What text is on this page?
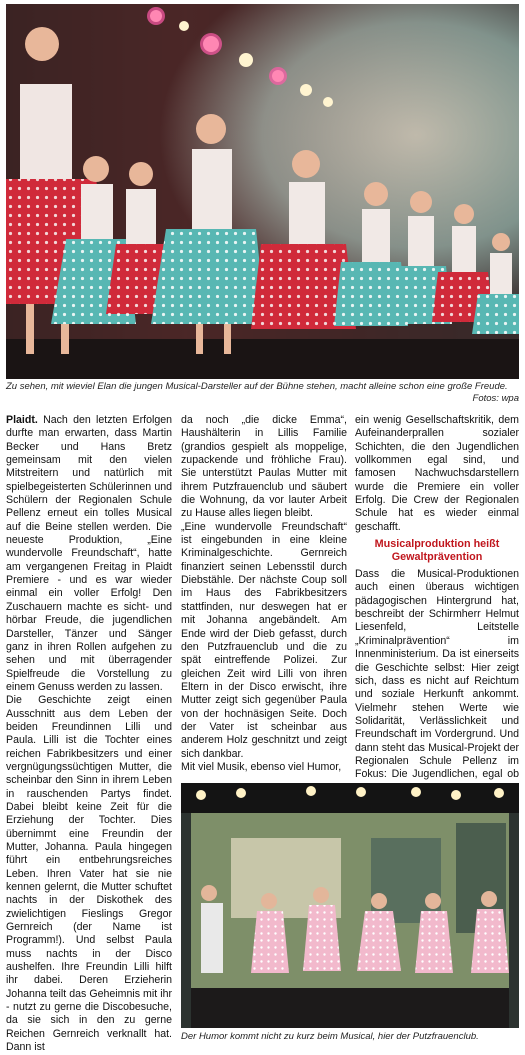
Zu sehen, mit wieviel Elan die jungen Musical-Darsteller auf der Bühne stehen, macht alleine schon eine große Freude.
Fotos: wpa

Plaidt. Nach den letzten Erfolgen durfte man erwarten, dass Martin Becker und Hans Bretz gemeinsam mit den vielen Mitstreitern und natürlich mit spielbegeisterten Schülerinnen und Schülern der Regionalen Schule Pellenz erneut ein tolles Musical auf die Beine stellen werden. Die neueste Produktion, „Eine wundervolle Freundschaft“, hatte am vergangenen Freitag in Plaidt Premiere - und es war wieder einmal ein voller Erfolg! Den Zuschauern machte es sicht- und hörbar Freude, die jugendlichen Darsteller, Tänzer und Sänger ganz in ihren Rollen aufgehen zu sehen und mit überragender Spielfreude die Vorstellung zu einem Genuss werden zu lassen.

Die Geschichte zeigt einen Ausschnitt aus dem Leben der beiden Freundinnen Lilli und Paula. Lilli ist die Tochter eines reichen Fabrikbesitzers und einer vergnügungssüchtigen Mutter, die scheinbar den Sinn in ihrem Leben in rauschenden Partys findet. Dabei bleibt keine Zeit für die Erziehung der Tochter. Dies übernimmt eine Freundin der Mutter, Johanna. Paula hingegen führt ein entbehrungsreiches Leben. Ihren Vater hat sie nie kennen gelernt, die Mutter schuftet nachts in der Diskothek des zwielichtigen Fieslings Gregor Gernreich (der Name ist Programm!). Und selbst Paula muss nachts in der Disco aushelfen. Ihre Freundin Lilli hilft ihr dabei. Deren Erzieherin Johanna teilt das Geheimnis mit ihr - nutzt zu gerne die Discobesuche, da sie sich in den zu gerne Reichen Gernreich verknallt hat. Dann ist

da noch „die dicke Emma“, Haushälterin in Lillis Familie (grandios gespielt als moppelige, zupackende und fröhliche Frau). Sie unterstützt Paulas Mutter mit ihrem Putzfrauenclub und säubert die Wohnung, da vor lauter Arbeit zu Hause alles liegen bleibt.

„Eine wundervolle Freundschaft“ ist eingebunden in eine kleine Kriminalgeschichte. Gernreich finanziert seinen Lebensstil durch Diebstähle. Der nächste Coup soll im Haus des Fabrikbesitzers stattfinden, nur deswegen hat er mit Johanna angebändelt. Am Ende wird der Dieb gefasst, durch den Putzfrauenclub und die zu spät eintreffende Polizei. Zur gleichen Zeit wird Lilli von ihren Eltern in der Disco erwischt, ihre Mutter zeigt sich gegenüber Paula von der hochnäsigen Seite. Doch der Vater ist scheinbar aus anderem Holz geschnitzt und zeigt sich dankbar.

Mit viel Musik, ebenso viel Humor,

ein wenig Gesellschaftskritik, dem Aufeinanderprallen sozialer Schichten, die den Jugendlichen vollkommen egal sind, und famosen Nachwuchsdarstellern wurde die Premiere ein voller Erfolg. Die Crew der Regionalen Schule hat es wieder einmal geschafft.

Musicalproduktion heißt Gewaltprävention

Dass die Musical-Produktionen auch einen überaus wichtigen pädagogischen Hintergrund hat, beschreibt der Schirmherr Helmut Liesenfeld, Leitstelle „Kriminalprävention“ im Innenministerium. Da ist einerseits die Geschichte selbst: Hier zeigt sich, dass es nicht auf Reichtum und soziale Herkunft ankommt. Vielmehr stehen Werte wie Solidarität, Verlässlichkeit und Freundschaft im Vordergrund. Und dann steht das Musical-Projekt der Regionalen Schule Pellenz im Fokus: Die Jugendlichen, egal ob

Der Humor kommt nicht zu kurz beim Musical, hier der Putzfrauenclub.
